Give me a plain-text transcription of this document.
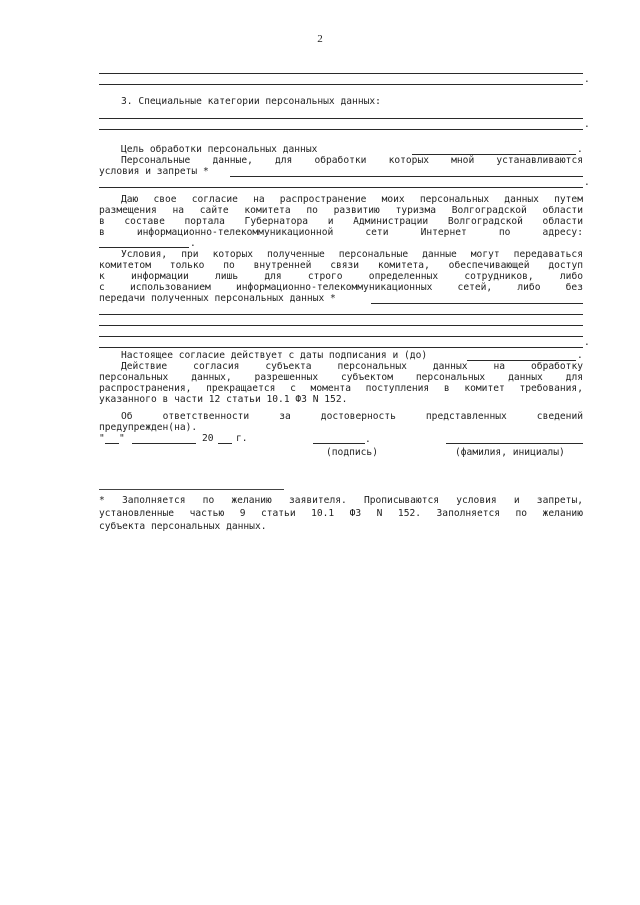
2
.
3. Специальные категории персональных данных:
.
Цель обработки персональных данных	.
Персональные данные, для обработки которых мной устанавливаются
условия и запреты *
.
Даю свое согласие на распространение моих персональных данных путем
размещения на сайте комитета по развитию туризма Волгоградской области
в составе портала Губернатора и Администрации Волгоградской области
в информационно-телекоммуникационной сети Интернет по адресу:
.
Условия, при которых полученные персональные данные могут передаваться
комитетом только по внутренней связи комитета, обеспечивающей доступ
к информации лишь для строго определенных сотрудников, либо
с использованием информационно-телекоммуникационных сетей, либо без
передачи полученных персональных данных *
.
Настоящее согласие действует с даты подписания и (до)	.
Действие согласия субъекта персональных данных на обработку
персональных данных, разрешенных субъектом персональных данных для
распространения, прекращается с момента поступления в комитет требования,
указанного в части 12 статьи 10.1 ФЗ N 152.
Об ответственности за достоверность представленных сведений
предупрежден(на).
" "	20	г.	.
(подпись)	(фамилия, инициалы)
* Заполняется по желанию заявителя. Прописываются условия и запреты,
установленные частью 9 статьи 10.1 ФЗ N 152. Заполняется по желанию
субъекта персональных данных.
